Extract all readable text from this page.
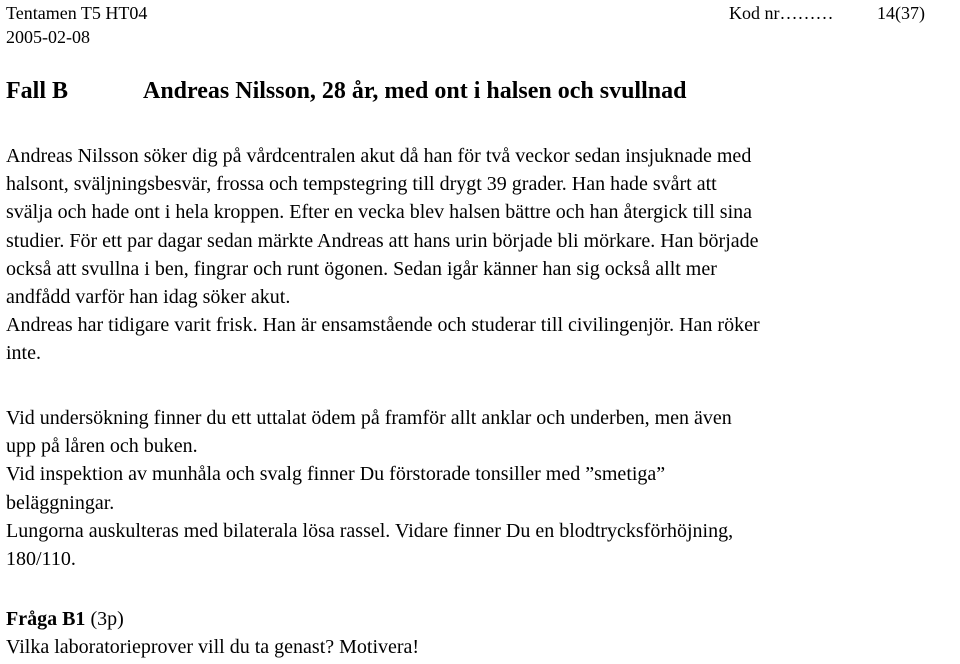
Tentamen T5 HT04
2005-02-08
Kod nr……… 14(37)
Fall B	Andreas Nilsson, 28 år, med ont i halsen och svullnad
Andreas Nilsson söker dig på vårdcentralen akut då han för två veckor sedan insjuknade med
halsont, sväljningsbesvär, frossa och tempstegring till drygt 39 grader. Han hade svårt att
svälja och hade ont i hela kroppen. Efter en vecka blev halsen bättre och han återgick till sina
studier. För ett par dagar sedan märkte Andreas att hans urin började bli mörkare. Han började
också att svullna i ben, fingrar och runt ögonen. Sedan igår känner han sig också allt mer
andfådd varför han idag söker akut.
Andreas har tidigare varit frisk. Han är ensamstående och studerar till civilingenjör. Han röker
inte.
Vid undersökning finner du ett uttalat ödem på framför allt anklar och underben, men även
upp på låren och buken.
Vid inspektion av munhåla och svalg finner Du förstorade tonsiller med ”smetiga”
beläggningar.
Lungorna auskulteras med bilaterala lösa rassel. Vidare finner Du en blodtrycksförhöjning,
180/110.
Fråga B1 (3p)
Vilka laboratorieprover vill du ta genast? Motivera!
